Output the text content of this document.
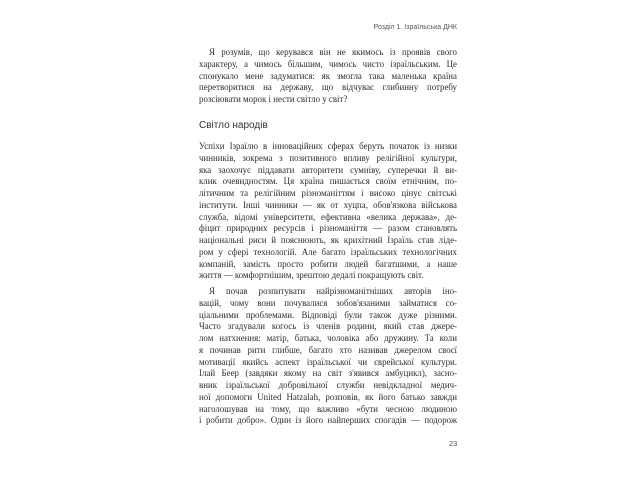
Розділ 1. Ізраїльська ДНК
Я розумів, що керувався він не якимось із проявів свого
характеру, а чимось більшим, чимось чисто ізраїльським. Це
спонукало мене задуматися: як змогла така маленька країна
перетворитися на державу, що відчуває глибинну потребу
розсіювати морок і нести світло у світ?
Світло народів
Успіхи Ізраїлю в інноваційних сферах беруть початок із низки
чинників, зокрема з позитивного впливу релігійної культури,
яка заохочує піддавати авторитети сумніву, суперечки й ви-
клик очевидностям. Ця країна пишається своїм етнічним, по-
літичним та релігійним різноманіттям і високо цінує світські
інститути. Інші чинники — як от хуцпа, обов'язкова військова
служба, відомі університети, ефективна «велика держава», де-
фіцит природних ресурсів і різноманіття — разом становлять
національні риси й пояснюють, як крихітний Ізраїль став лідe-
ром у сфері технологій. Але багато ізраїльських технологічних
компаній, замість просто робити людей багатшими, а наше
життя — комфортнішим, зрештою дедалі покращують світ.
Я почав розпитувати найрізноманітніших авторів іно-
вацій, чому вони почувалися зобов'язаними займатися со-
ціальними проблемами. Відповіді були також дуже різними.
Часто згадували когось із членів родини, який став джере-
лом натхнення: матір, батька, чоловіка або дружину. Та коли
я починав рити глибше, багато хто називав джерелом своєї
мотивації якийсь аспект ізраїльської чи єврейської культури.
Ілай Беер (завдяки якому на світ з'явився амбуцикл), засно-
вник ізраїльської добровільної служби невідкладної медич-
ної допомоги United Hatzalah, розповів, як його батько завжди
наголошував на тому, що важливо «бути чесною людиною
і робити добро». Один із його найперших спогадів — подорож
23
